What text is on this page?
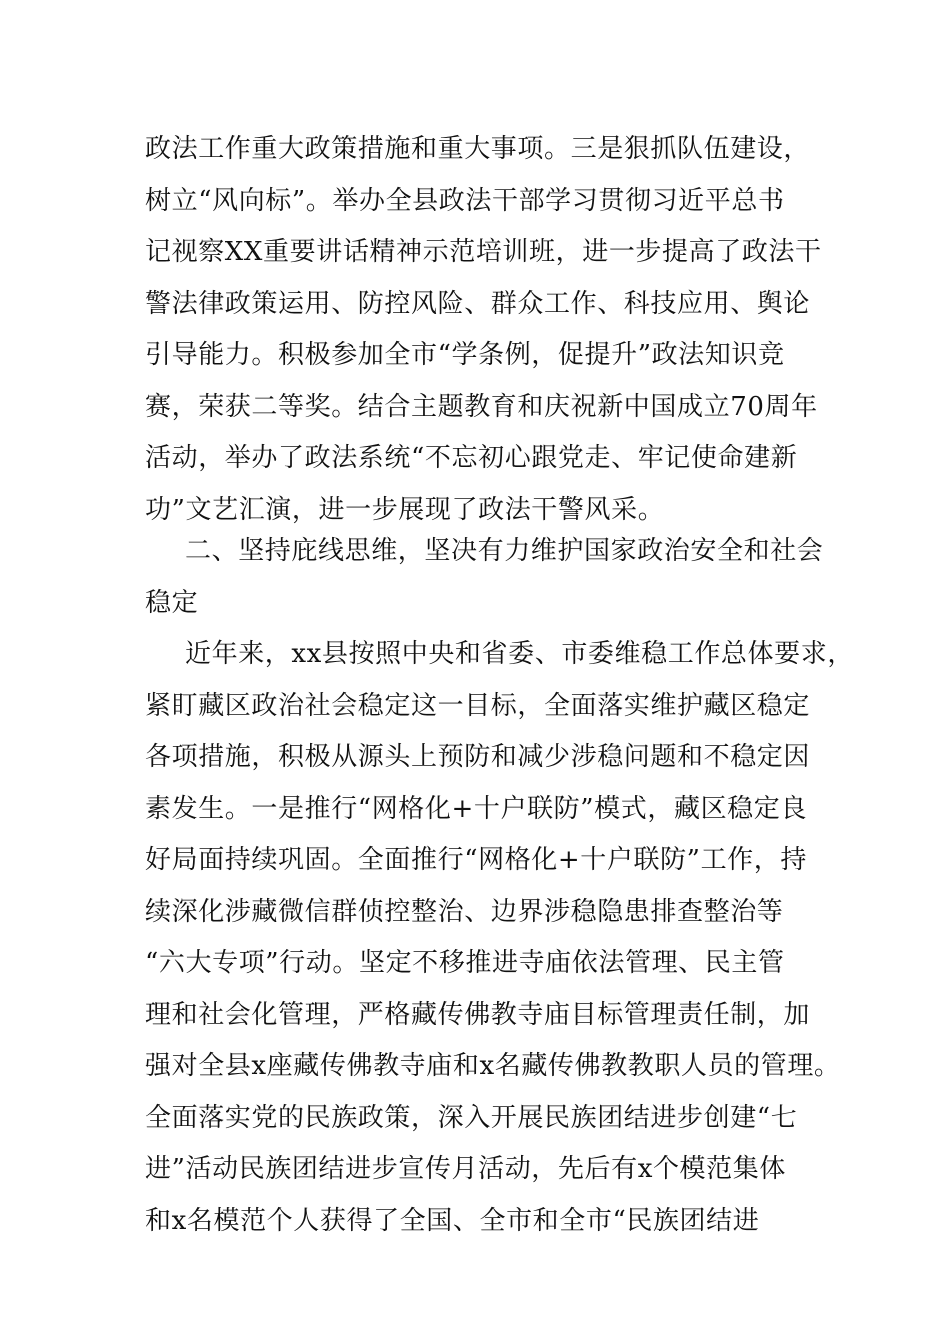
政法工作重大政策措施和重大事项。三是狠抓队伍建设，
树立“风向标”。举办全县政法干部学习贯彻习近平总书
记视察XX重要讲话精神示范培训班，进一步提高了政法干
警法律政策运用、防控风险、群众工作、科技应用、舆论
引导能力。积极参加全市“学条例，促提升”政法知识竞
赛，荣获二等奖。结合主题教育和庆祝新中国成立70周年
活动，举办了政法系统“不忘初心跟党走、牢记使命建新
功”文艺汇演，进一步展现了政法干警风采。
二、坚持庇线思维，坚决有力维护国家政治安全和社会
稳定
近年来，xx县按照中央和省委、市委维稳工作总体要求，
紧盯藏区政治社会稳定这一目标，全面落实维护藏区稳定
各项措施，积极从源头上预防和减少涉稳问题和不稳定因
素发生。一是推行“网格化+十户联防”模式，藏区稳定良
好局面持续巩固。全面推行“网格化+十户联防”工作，持
续深化涉藏微信群侦控整治、边界涉稳隐患排查整治等
“六大专项”行动。坚定不移推进寺庙依法管理、民主管
理和社会化管理，严格藏传佛教寺庙目标管理责任制，加
强对全县x座藏传佛教寺庙和x名藏传佛教教职人员的管理。
全面落实党的民族政策，深入开展民族团结进步创建“七
进”活动民族团结进步宣传月活动，先后有x个模范集体
和x名模范个人获得了全国、全市和全市“民族团结进
